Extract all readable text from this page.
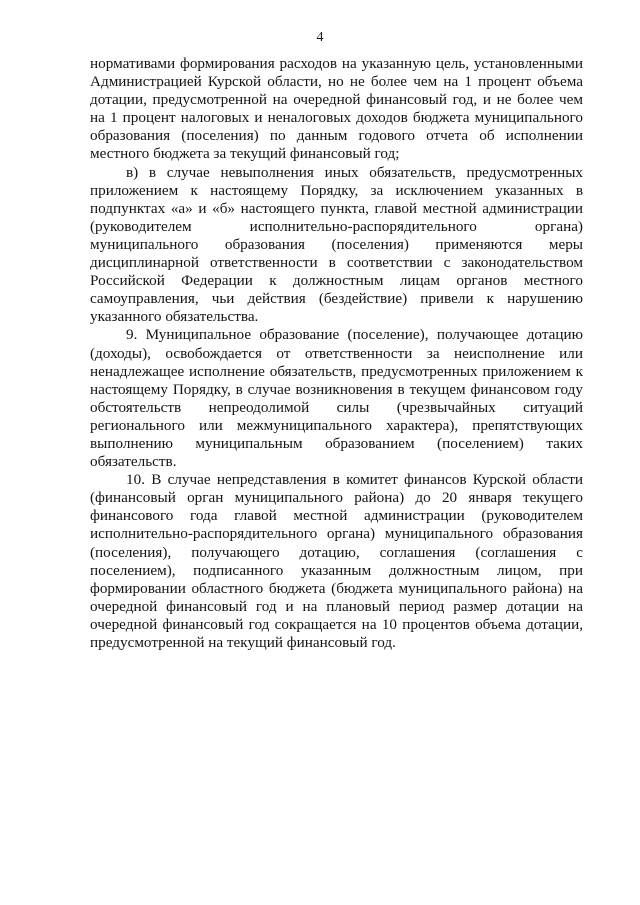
4

нормативами формирования расходов на указанную цель, установленными Администрацией Курской области, но не более чем на 1 процент объема дотации, предусмотренной на очередной финансовый год, и не более чем на 1 процент налоговых и неналоговых доходов бюджета муниципального образования (поселения) по данным годового отчета об исполнении местного бюджета за текущий финансовый год;

в) в случае невыполнения иных обязательств, предусмотренных приложением к настоящему Порядку, за исключением указанных в подпунктах «а» и «б» настоящего пункта, главой местной администрации (руководителем исполнительно-распорядительного органа) муниципального образования (поселения) применяются меры дисциплинарной ответственности в соответствии с законодательством Российской Федерации к должностным лицам органов местного самоуправления, чьи действия (бездействие) привели к нарушению указанного обязательства.

9. Муниципальное образование (поселение), получающее дотацию (доходы), освобождается от ответственности за неисполнение или ненадлежащее исполнение обязательств, предусмотренных приложением к настоящему Порядку, в случае возникновения в текущем финансовом году обстоятельств непреодолимой силы (чрезвычайных ситуаций регионального или межмуниципального характера), препятствующих выполнению муниципальным образованием (поселением) таких обязательств.

10. В случае непредставления в комитет финансов Курской области (финансовый орган муниципального района) до 20 января текущего финансового года главой местной администрации (руководителем исполнительно-распорядительного органа) муниципального образования (поселения), получающего дотацию, соглашения (соглашения с поселением), подписанного указанным должностным лицом, при формировании областного бюджета (бюджета муниципального района) на очередной финансовый год и на плановый период размер дотации на очередной финансовый год сокращается на 10 процентов объема дотации, предусмотренной на текущий финансовый год.
